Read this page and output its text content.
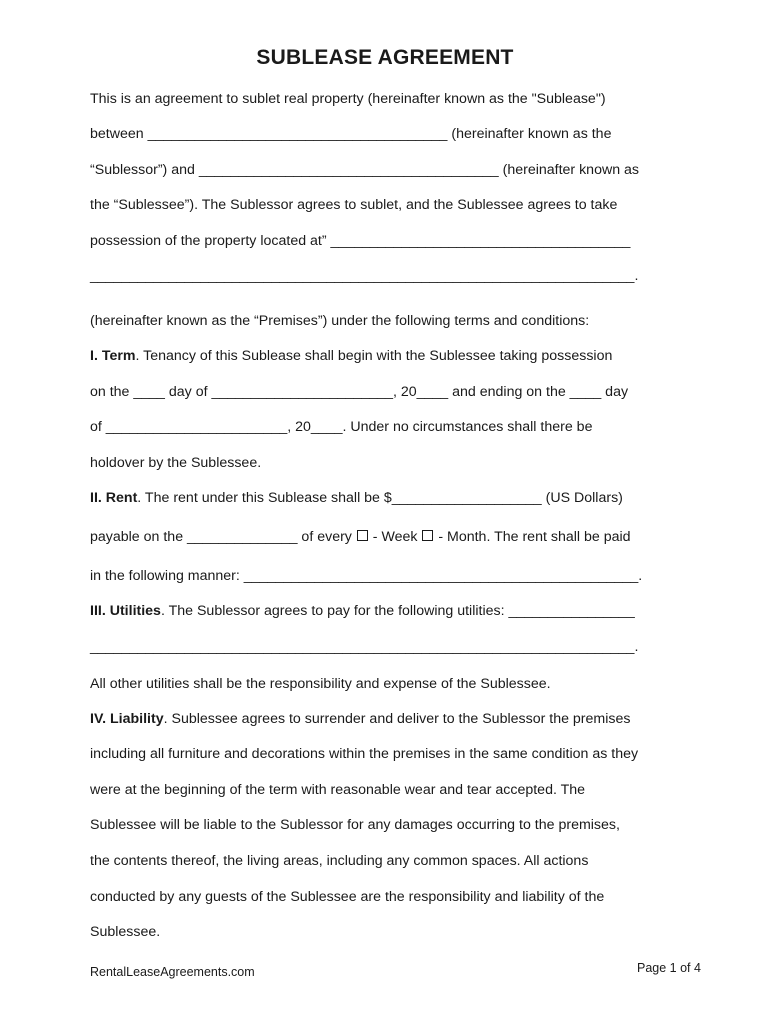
SUBLEASE AGREEMENT
This is an agreement to sublet real property (hereinafter known as the "Sublease")
between ______________________________________ (hereinafter known as the
“Sublessor”) and ______________________________________ (hereinafter known as
the “Sublessee”). The Sublessor agrees to sublet, and the Sublessee agrees to take
possession of the property located at” ______________________________________
_____________________________________________________________________.
(hereinafter known as the “Premises”) under the following terms and conditions:
I. Term. Tenancy of this Sublease shall begin with the Sublessee taking possession
on the ____ day of _______________________, 20____ and ending on the ____ day
of _______________________, 20____. Under no circumstances shall there be
holdover by the Sublessee.
II. Rent. The rent under this Sublease shall be $___________________ (US Dollars)
payable on the ______________ of every  - Week  - Month. The rent shall be paid
in the following manner: __________________________________________________.
III. Utilities. The Sublessor agrees to pay for the following utilities: ________________
_____________________________________________________________________.
All other utilities shall be the responsibility and expense of the Sublessee.
IV. Liability. Sublessee agrees to surrender and deliver to the Sublessor the premises
including all furniture and decorations within the premises in the same condition as they
were at the beginning of the term with reasonable wear and tear accepted. The
Sublessee will be liable to the Sublessor for any damages occurring to the premises,
the contents thereof, the living areas, including any common spaces. All actions
conducted by any guests of the Sublessee are the responsibility and liability of the
Sublessee.
RentalLeaseAgreements.com	Page 1 of 4
